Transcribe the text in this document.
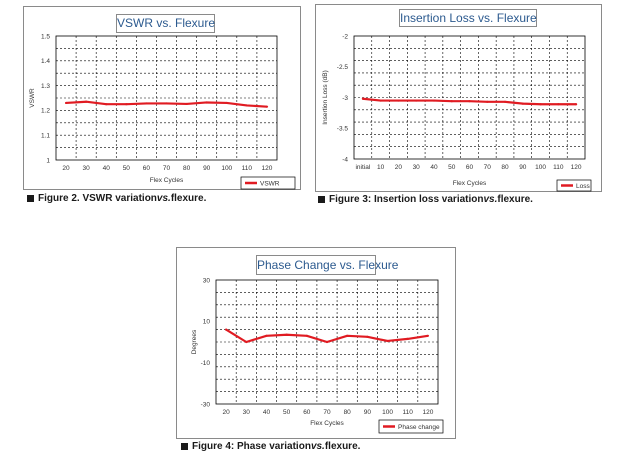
VSWR vs. Flexure
1.5
1.4
1.3
1.2
1.1
1
20 30 40 50 60 70 80 90 100 110 120
Flex Cycles
VSWR
VSWR
Figure 2. VSWR variation vs. flexure.
Insertion Loss vs. Flexure
-2
-2.5
-3
-3.5
-4
initial 10 20 30 40 50 60 70 80 90 100 110 120
Flex Cycles
Insertion Loss (dB)
Loss
Figure 3: Insertion loss variation vs. flexure.
Phase Change vs. Flexure
30
10
-10
-30
20 30 40 50 60 70 80 90 100 110 120
Flex Cycles
Degrees
Phase change
Figure 4: Phase variation vs. flexure.
